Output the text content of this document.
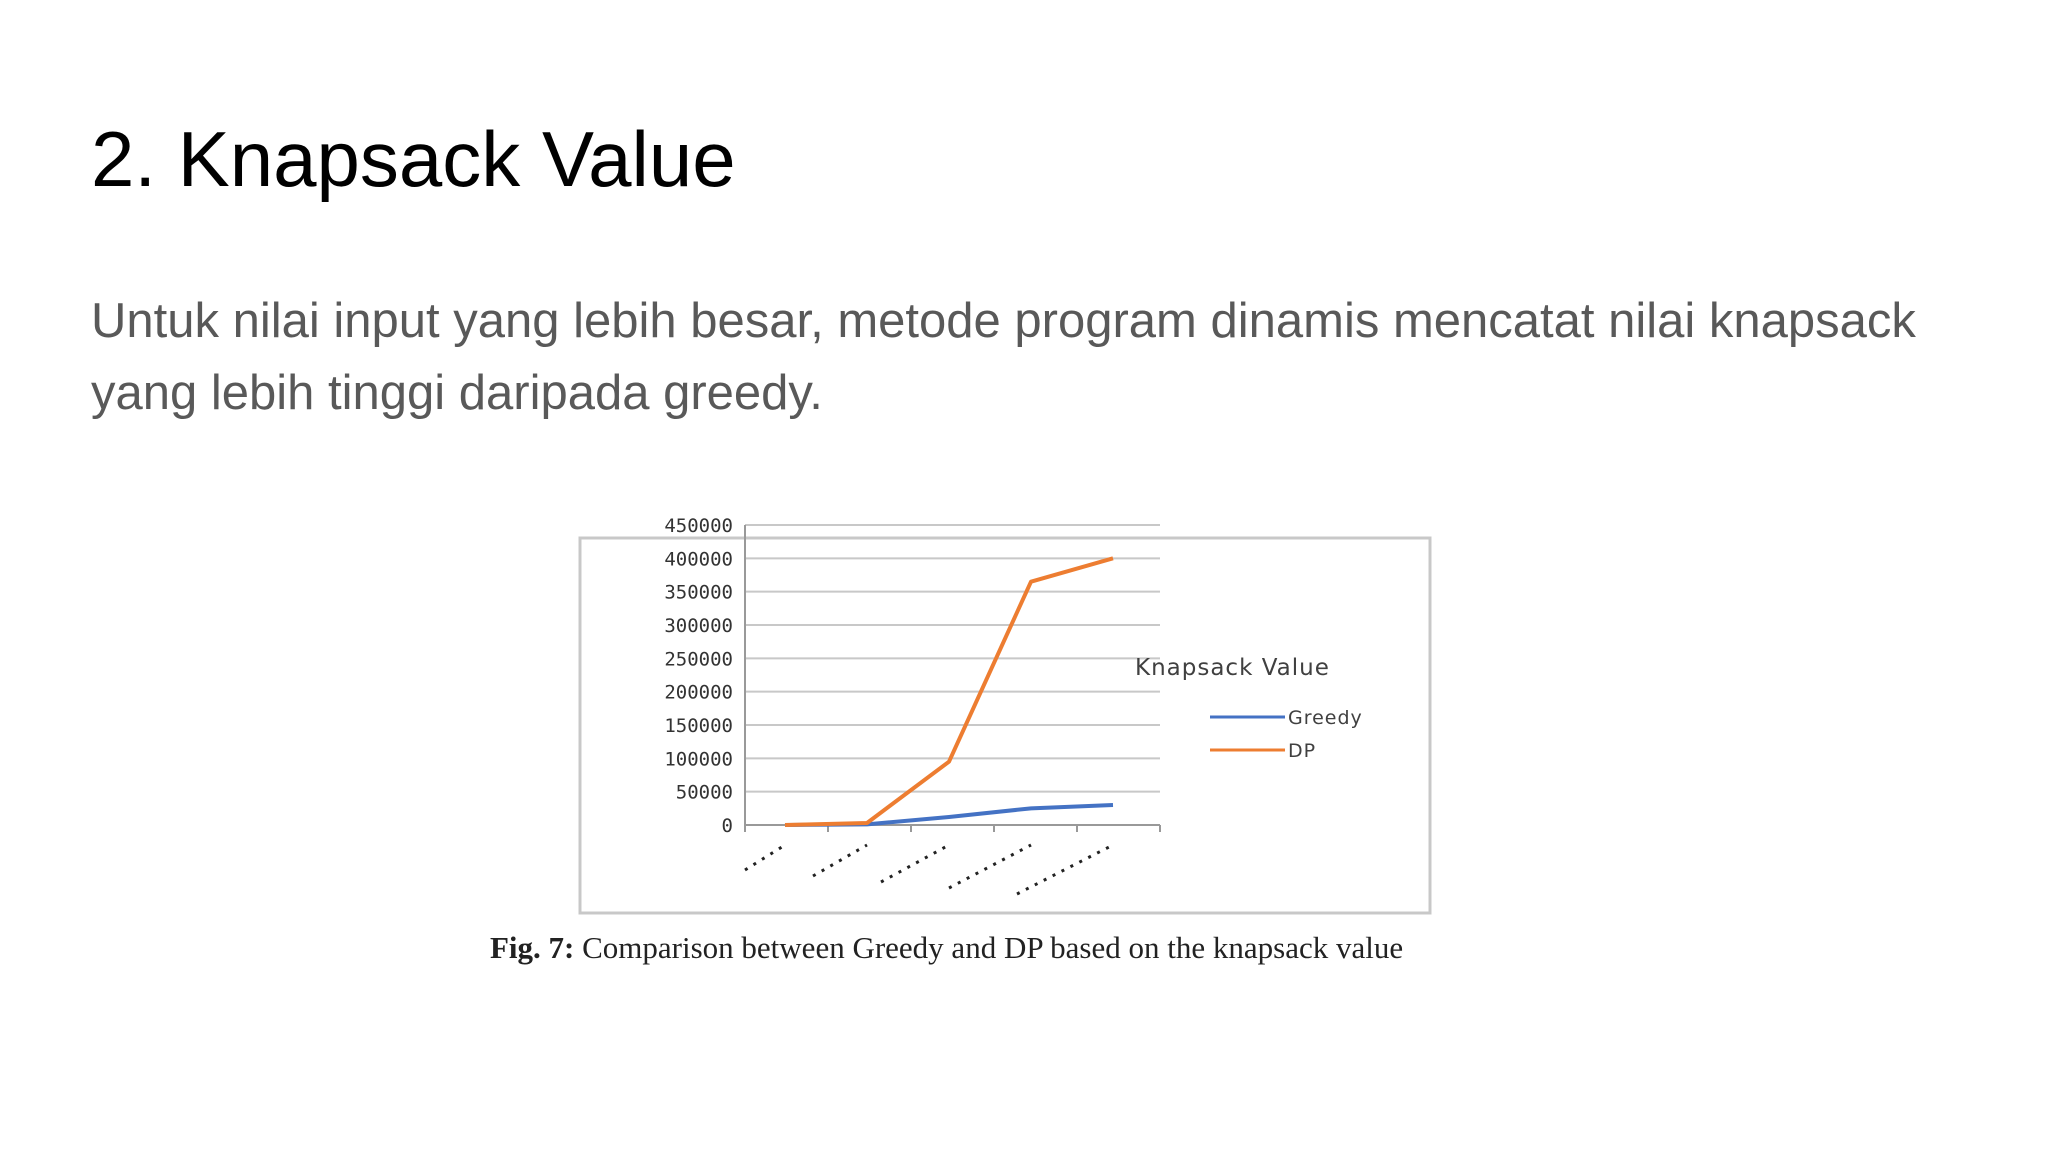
2. Knapsack Value

Untuk nilai input yang lebih besar, metode program dinamis mencatat nilai knapsack yang lebih tinggi daripada greedy.

450000
400000
350000
300000
250000
200000
150000
100000
50000
0
Knapsack Value
Greedy
DP
Fig. 7: Comparison between Greedy and DP based on the knapsack value
